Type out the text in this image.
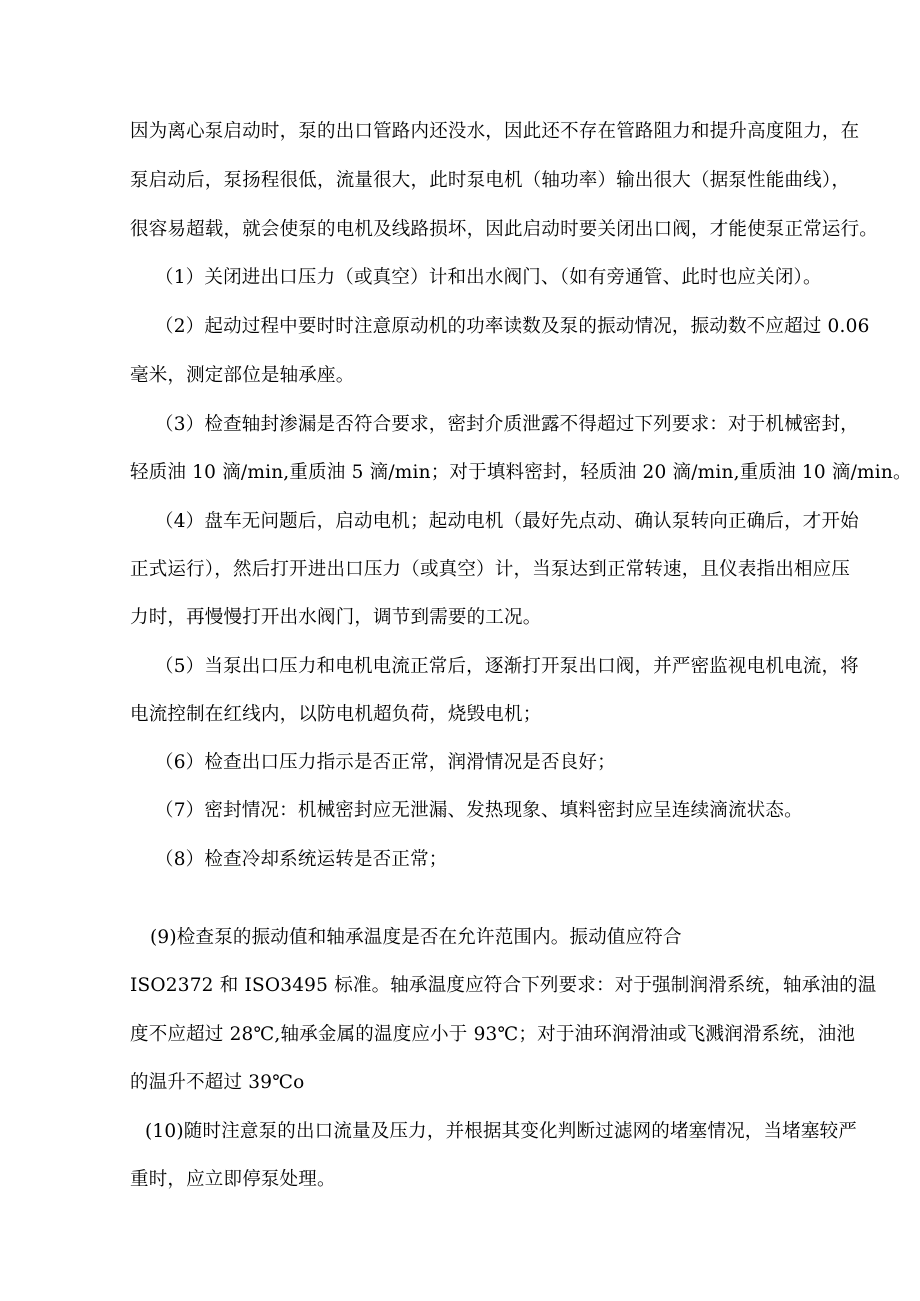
因为离心泵启动时，泵的出口管路内还没水，因此还不存在管路阻力和提升高度阻力，在

泵启动后，泵扬程很低，流量很大，此时泵电机（轴功率）输出很大（据泵性能曲线），

很容易超载，就会使泵的电机及线路损坏，因此启动时要关闭出口阀，才能使泵正常运行。

（1）关闭进出口压力（或真空）计和出水阀门、（如有旁通管、此时也应关闭）。

（2）起动过程中要时时注意原动机的功率读数及泵的振动情况，振动数不应超过 0.06

毫米，测定部位是轴承座。

（3）检查轴封渗漏是否符合要求，密封介质泄露不得超过下列要求：对于机械密封，

轻质油 10 滴/min,重质油 5 滴/min；对于填料密封，轻质油 20 滴/min,重质油 10 滴/min。

（4）盘车无问题后，启动电机；起动电机（最好先点动、确认泵转向正确后，才开始

正式运行），然后打开进出口压力（或真空）计，当泵达到正常转速，且仪表指出相应压

力时，再慢慢打开出水阀门，调节到需要的工况。

（5）当泵出口压力和电机电流正常后，逐渐打开泵出口阀，并严密监视电机电流，将

电流控制在红线内，以防电机超负荷，烧毁电机；

（6）检查出口压力指示是否正常，润滑情况是否良好；

（7）密封情况：机械密封应无泄漏、发热现象、填料密封应呈连续滴流状态。

（8）检查冷却系统运转是否正常；

(9)检查泵的振动值和轴承温度是否在允许范围内。振动值应符合

ISO2372 和 ISO3495 标准。轴承温度应符合下列要求：对于强制润滑系统，轴承油的温

度不应超过 28℃,轴承金属的温度应小于 93℃；对于油环润滑油或飞溅润滑系统，油池

的温升不超过 39℃o

(10)随时注意泵的出口流量及压力，并根据其变化判断过滤网的堵塞情况，当堵塞较严

重时，应立即停泵处理。
